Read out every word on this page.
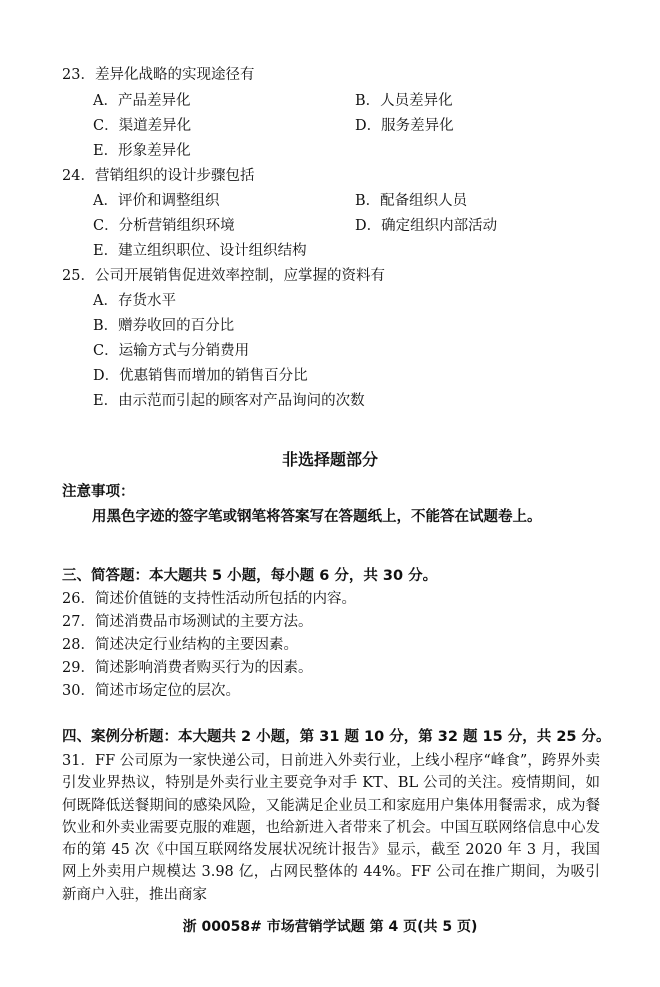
23．差异化战略的实现途径有
A．产品差异化	B．人员差异化
C．渠道差异化	D．服务差异化
E．形象差异化
24．营销组织的设计步骤包括
A．评价和调整组织	B．配备组织人员
C．分析营销组织环境	D．确定组织内部活动
E．建立组织职位、设计组织结构
25．公司开展销售促进效率控制，应掌握的资料有
A．存货水平
B．赠券收回的百分比
C．运输方式与分销费用
D．优惠销售而增加的销售百分比
E．由示范而引起的顾客对产品询问的次数
非选择题部分
注意事项：
用黑色字迹的签字笔或钢笔将答案写在答题纸上，不能答在试题卷上。
三、简答题：本大题共 5 小题，每小题 6 分，共 30 分。
26．简述价值链的支持性活动所包括的内容。
27．简述消费品市场测试的主要方法。
28．简述决定行业结构的主要因素。
29．简述影响消费者购买行为的因素。
30．简述市场定位的层次。
四、案例分析题：本大题共 2 小题，第 31 题 10 分，第 32 题 15 分，共 25 分。
31．FF 公司原为一家快递公司，日前进入外卖行业，上线小程序“峰食”，跨界外卖引发业界热议，特别是外卖行业主要竞争对手 KT、BL 公司的关注。疫情期间，如何既降低送餐期间的感染风险，又能满足企业员工和家庭用户集体用餐需求，成为餐饮业和外卖业需要克服的难题，也给新进入者带来了机会。中国互联网络信息中心发布的第 45 次《中国互联网络发展状况统计报告》显示，截至 2020 年 3 月，我国网上外卖用户规模达 3.98 亿，占网民整体的 44%。FF 公司在推广期间，为吸引新商户入驻，推出商家
浙 00058# 市场营销学试题 第 4 页(共 5 页)
